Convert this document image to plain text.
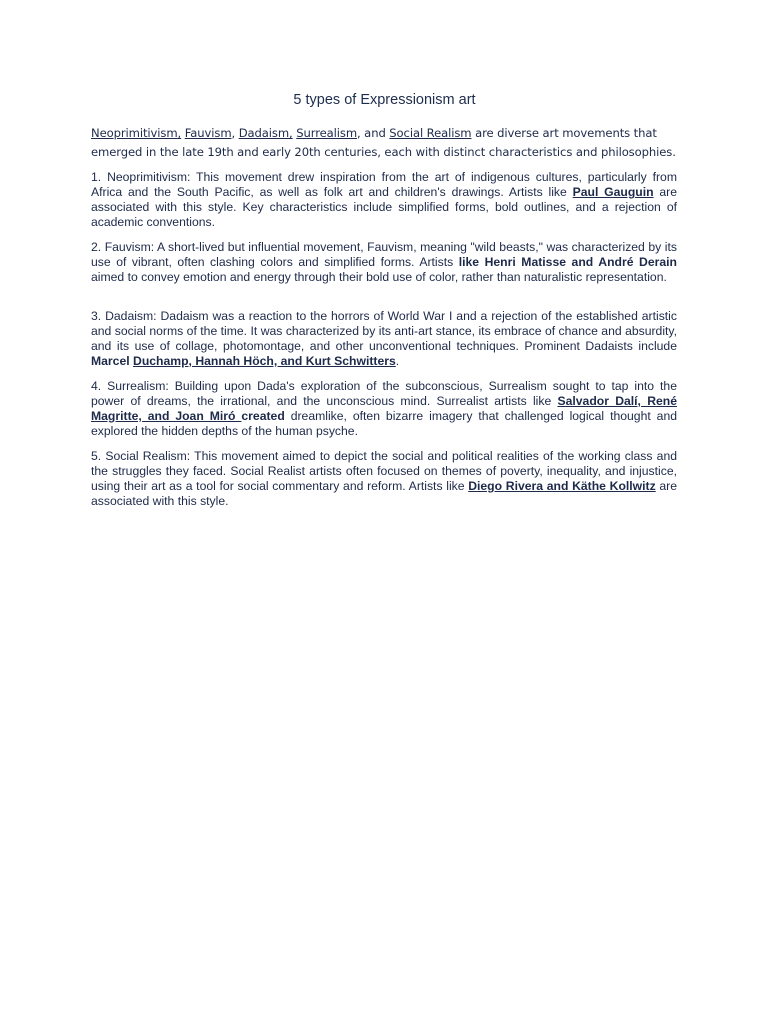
5 types of Expressionism art

Neoprimitivism, Fauvism, Dadaism, Surrealism, and Social Realism are diverse art movements that emerged in the late 19th and early 20th centuries, each with distinct characteristics and philosophies.

1. Neoprimitivism: This movement drew inspiration from the art of indigenous cultures, particularly from Africa and the South Pacific, as well as folk art and children's drawings. Artists like Paul Gauguin are associated with this style. Key characteristics include simplified forms, bold outlines, and a rejection of academic conventions.

2. Fauvism: A short-lived but influential movement, Fauvism, meaning "wild beasts," was characterized by its use of vibrant, often clashing colors and simplified forms. Artists like Henri Matisse and André Derain aimed to convey emotion and energy through their bold use of color, rather than naturalistic representation.

3. Dadaism: Dadaism was a reaction to the horrors of World War I and a rejection of the established artistic and social norms of the time. It was characterized by its anti-art stance, its embrace of chance and absurdity, and its use of collage, photomontage, and other unconventional techniques. Prominent Dadaists include Marcel Duchamp, Hannah Höch, and Kurt Schwitters.

4. Surrealism: Building upon Dada's exploration of the subconscious, Surrealism sought to tap into the power of dreams, the irrational, and the unconscious mind. Surrealist artists like Salvador Dalí, René Magritte, and Joan Miró created dreamlike, often bizarre imagery that challenged logical thought and explored the hidden depths of the human psyche.

5. Social Realism: This movement aimed to depict the social and political realities of the working class and the struggles they faced. Social Realist artists often focused on themes of poverty, inequality, and injustice, using their art as a tool for social commentary and reform. Artists like Diego Rivera and Käthe Kollwitz are associated with this style.
